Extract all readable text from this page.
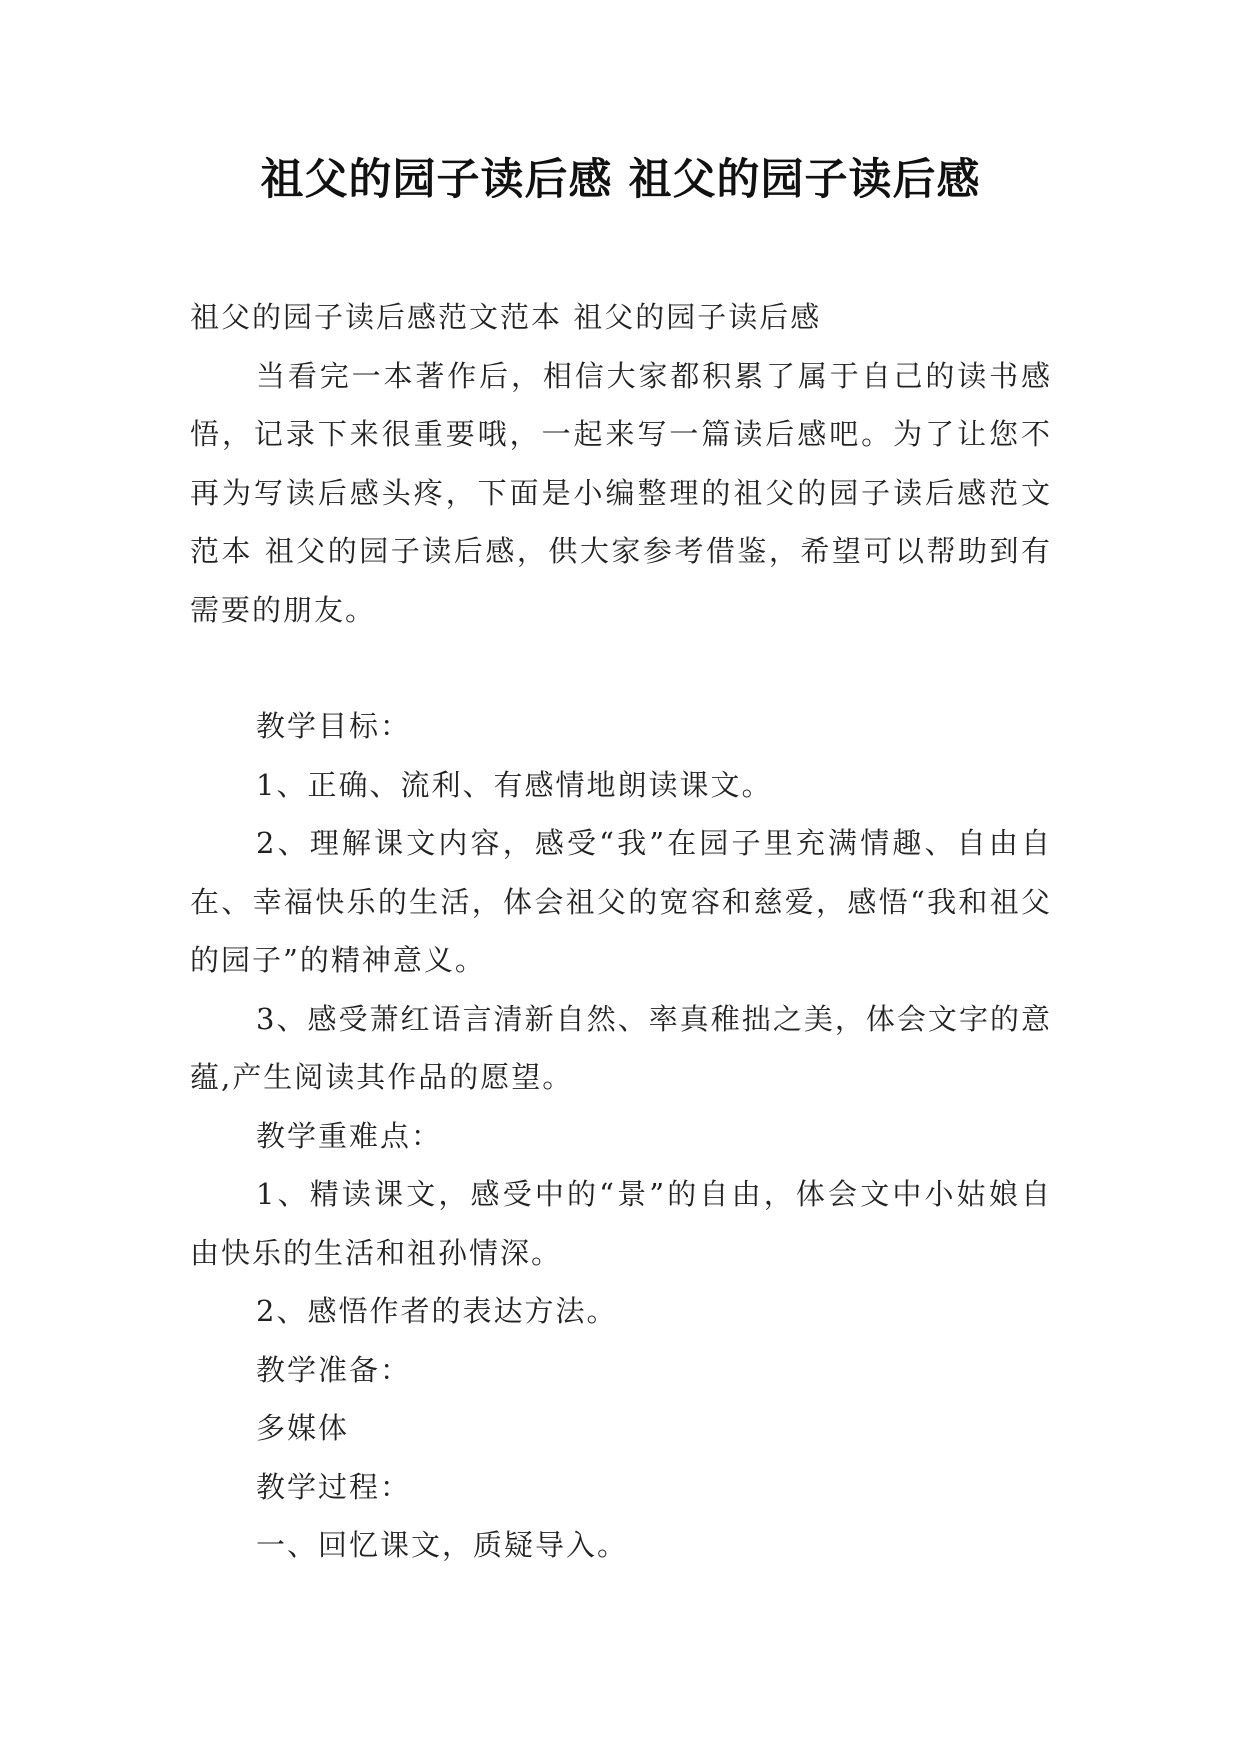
祖父的园子读后感 祖父的园子读后感

祖父的园子读后感范文范本 祖父的园子读后感

当看完一本著作后，相信大家都积累了属于自己的读书感悟，记录下来很重要哦，一起来写一篇读后感吧。为了让您不再为写读后感头疼，下面是小编整理的祖父的园子读后感范文范本 祖父的园子读后感，供大家参考借鉴，希望可以帮助到有需要的朋友。

教学目标：

1、正确、流利、有感情地朗读课文。

2、理解课文内容，感受“我”在园子里充满情趣、自由自在、幸福快乐的生活，体会祖父的宽容和慈爱，感悟“我和祖父的园子”的精神意义。

3、感受萧红语言清新自然、率真稚拙之美，体会文字的意蕴,产生阅读其作品的愿望。

教学重难点：

1、精读课文，感受中的“景”的自由，体会文中小姑娘自由快乐的生活和祖孙情深。

2、感悟作者的表达方法。

教学准备：

多媒体

教学过程：

一、回忆课文，质疑导入。
